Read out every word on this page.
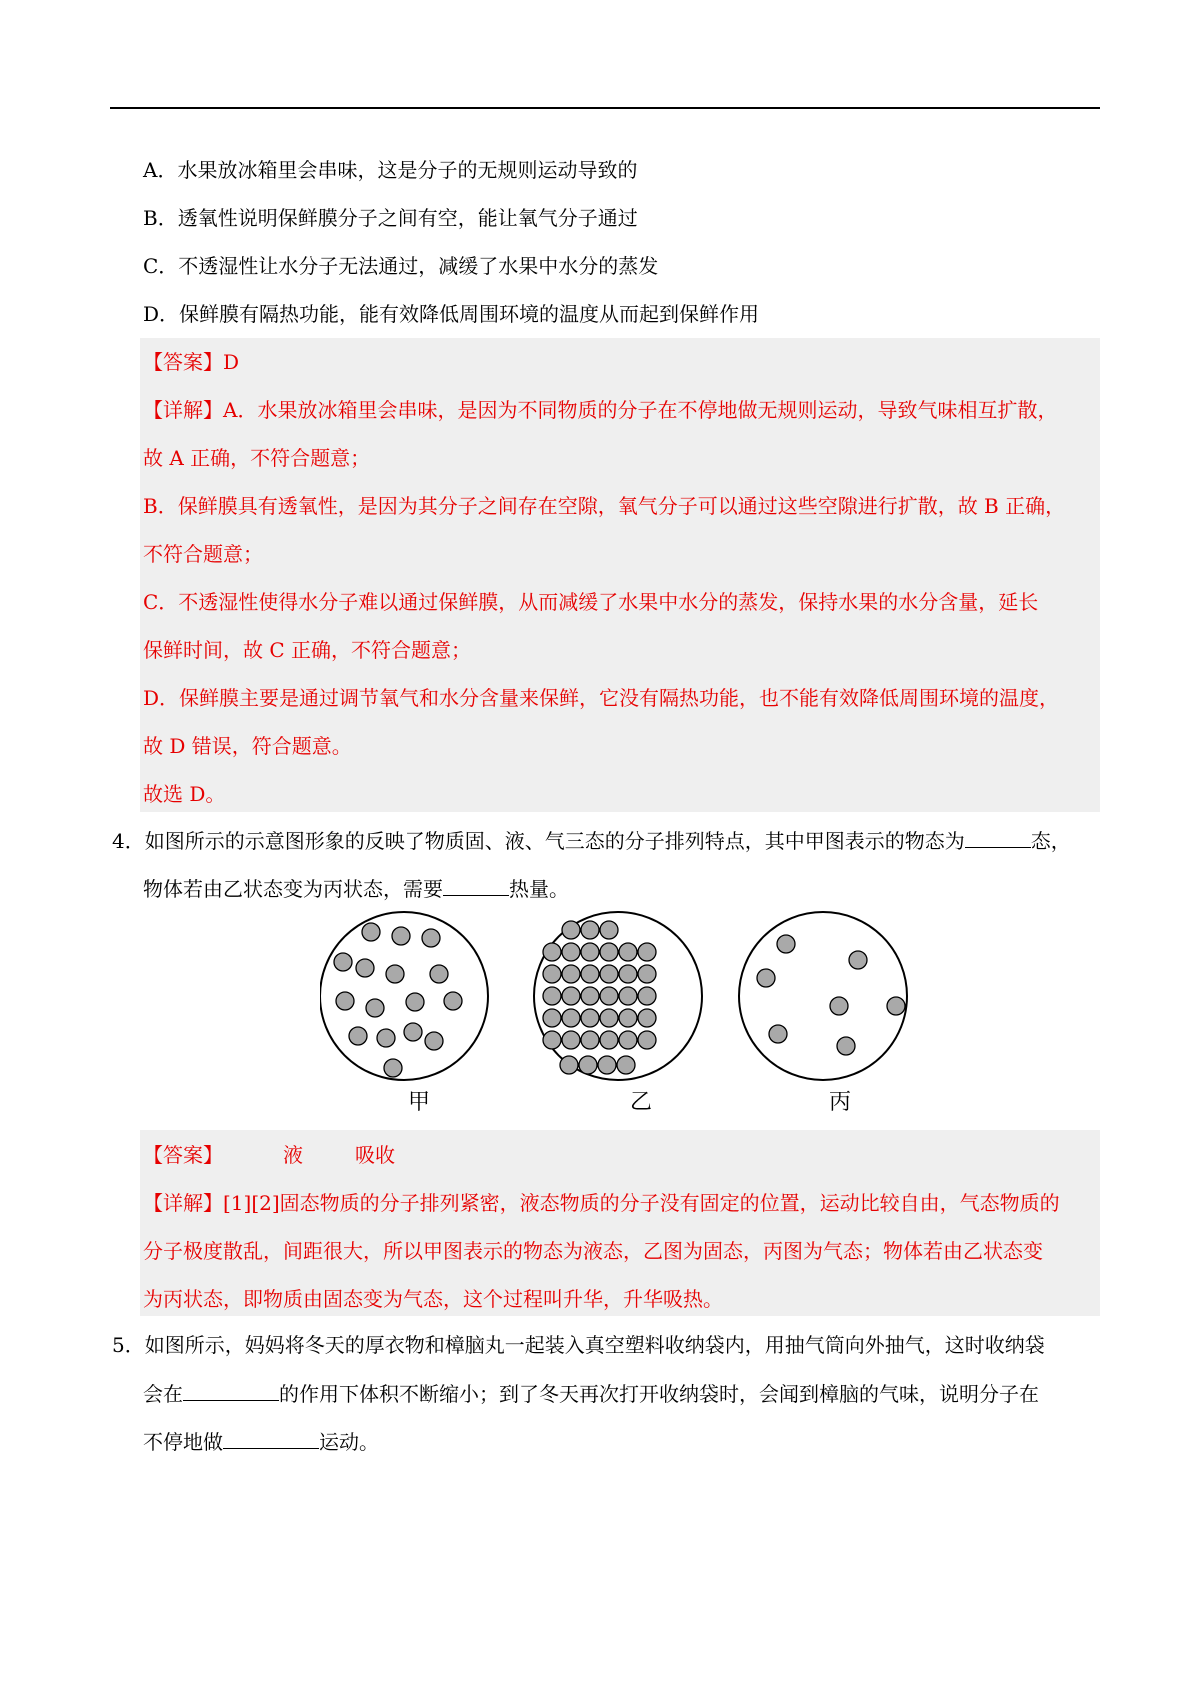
A．水果放冰箱里会串味，这是分子的无规则运动导致的
B．透氧性说明保鲜膜分子之间有空，能让氧气分子通过
C．不透湿性让水分子无法通过，减缓了水果中水分的蒸发
D．保鲜膜有隔热功能，能有效降低周围环境的温度从而起到保鲜作用
【答案】D
【详解】A．水果放冰箱里会串味，是因为不同物质的分子在不停地做无规则运动，导致气味相互扩散，
故 A 正确，不符合题意；
B．保鲜膜具有透氧性，是因为其分子之间存在空隙，氧气分子可以通过这些空隙进行扩散，故 B 正确，
不符合题意；
C．不透湿性使得水分子难以通过保鲜膜，从而减缓了水果中水分的蒸发，保持水果的水分含量，延长
保鲜时间，故 C 正确，不符合题意；
D．保鲜膜主要是通过调节氧气和水分含量来保鲜，它没有隔热功能，也不能有效降低周围环境的温度，
故 D 错误，符合题意。
故选 D。
4．如图所示的示意图形象的反映了物质固、液、气三态的分子排列特点，其中甲图表示的物态为	态，
物体若由乙状态变为丙状态，需要	热量。
甲	乙	丙
【答案】	液	吸收
【详解】[1][2]固态物质的分子排列紧密，液态物质的分子没有固定的位置，运动比较自由，气态物质的
分子极度散乱，间距很大，所以甲图表示的物态为液态，乙图为固态，丙图为气态；物体若由乙状态变
为丙状态，即物质由固态变为气态，这个过程叫升华，升华吸热。
5．如图所示，妈妈将冬天的厚衣物和樟脑丸一起装入真空塑料收纳袋内，用抽气筒向外抽气，这时收纳袋
会在	的作用下体积不断缩小；到了冬天再次打开收纳袋时，会闻到樟脑的气味，说明分子在
不停地做	运动。
